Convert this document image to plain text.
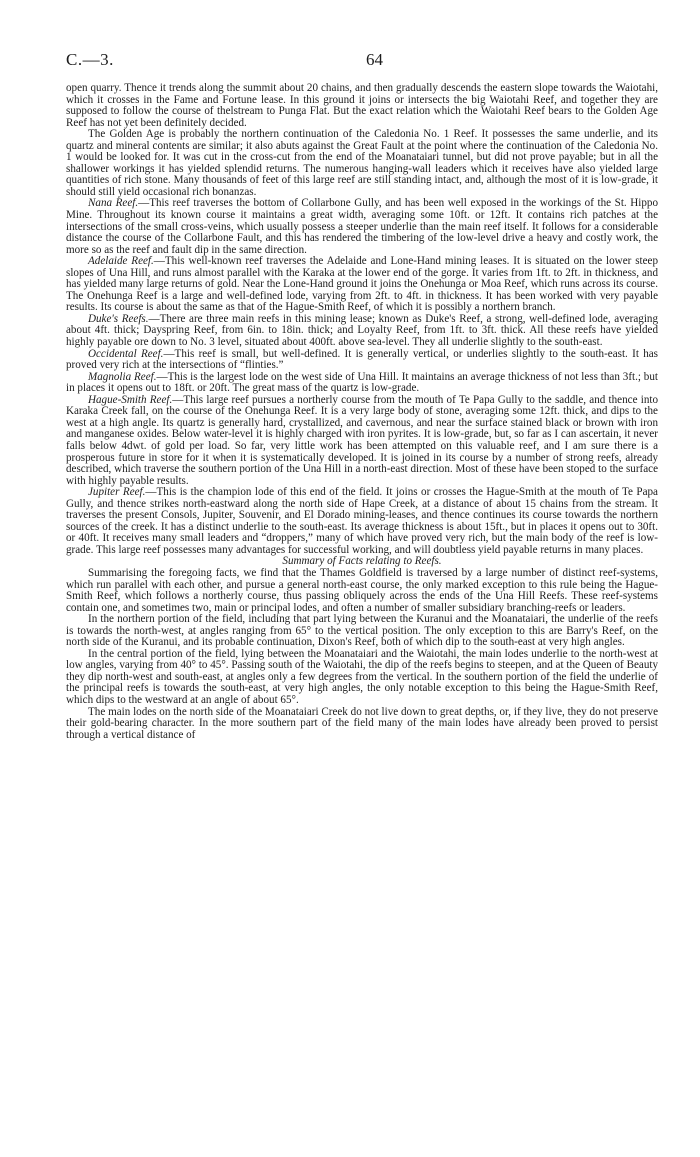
C.—3.	64

open quarry. Thence it trends along the summit about 20 chains, and then gradually descends the eastern slope towards the Waiotahi, which it crosses in the Fame and Fortune lease. In this ground it joins or intersects the big Waiotahi Reef, and together they are supposed to follow the course of thelstream to Punga Flat. But the exact relation which the Waiotahi Reef bears to the Golden Age Reef has not yet been definitely decided.

The Golden Age is probably the northern continuation of the Caledonia No. 1 Reef. It possesses the same underlie, and its quartz and mineral contents are similar; it also abuts against the Great Fault at the point where the continuation of the Caledonia No. 1 would be looked for. It was cut in the cross-cut from the end of the Moanataiari tunnel, but did not prove payable; but in all the shallower workings it has yielded splendid returns. The numerous hanging-wall leaders which it receives have also yielded large quantities of rich stone. Many thousands of feet of this large reef are still standing intact, and, although the most of it is low-grade, it should still yield occasional rich bonanzas.

Nana Reef.—This reef traverses the bottom of Collarbone Gully, and has been well exposed in the workings of the St. Hippo Mine. Throughout its known course it maintains a great width, averaging some 10ft. or 12ft. It contains rich patches at the intersections of the small cross-veins, which usually possess a steeper underlie than the main reef itself. It follows for a considerable distance the course of the Collarbone Fault, and this has rendered the timbering of the low-level drive a heavy and costly work, the more so as the reef and fault dip in the same direction.

Adelaide Reef.—This well-known reef traverses the Adelaide and Lone-Hand mining leases. It is situated on the lower steep slopes of Una Hill, and runs almost parallel with the Karaka at the lower end of the gorge. It varies from 1ft. to 2ft. in thickness, and has yielded many large returns of gold. Near the Lone-Hand ground it joins the Onehunga or Moa Reef, which runs across its course. The Onehunga Reef is a large and well-defined lode, varying from 2ft. to 4ft. in thickness. It has been worked with very payable results. Its course is about the same as that of the Hague-Smith Reef, of which it is possibly a northern branch.

Duke's Reefs.—There are three main reefs in this mining lease; known as Duke's Reef, a strong, well-defined lode, averaging about 4ft. thick; Dayspring Reef, from 6in. to 18in. thick; and Loyalty Reef, from 1ft. to 3ft. thick. All these reefs have yielded highly payable ore down to No. 3 level, situated about 400ft. above sea-level. They all underlie slightly to the south-east.

Occidental Reef.—This reef is small, but well-defined. It is generally vertical, or underlies slightly to the south-east. It has proved very rich at the intersections of “flinties.”

Magnolia Reef.—This is the largest lode on the west side of Una Hill. It maintains an average thickness of not less than 3ft.; but in places it opens out to 18ft. or 20ft. The great mass of the quartz is low-grade.

Hague-Smith Reef.—This large reef pursues a northerly course from the mouth of Te Papa Gully to the saddle, and thence into Karaka Creek fall, on the course of the Onehunga Reef. It is a very large body of stone, averaging some 12ft. thick, and dips to the west at a high angle. Its quartz is generally hard, crystallized, and cavernous, and near the surface stained black or brown with iron and manganese oxides. Below water-level it is highly charged with iron pyrites. It is low-grade, but, so far as I can ascertain, it never falls below 4dwt. of gold per load. So far, very little work has been attempted on this valuable reef, and I am sure there is a prosperous future in store for it when it is systematically developed. It is joined in its course by a number of strong reefs, already described, which traverse the southern portion of the Una Hill in a north-east direction. Most of these have been stoped to the surface with highly payable results.

Jupiter Reef.—This is the champion lode of this end of the field. It joins or crosses the Hague-Smith at the mouth of Te Papa Gully, and thence strikes north-eastward along the north side of Hape Creek, at a distance of about 15 chains from the stream. It traverses the present Consols, Jupiter, Souvenir, and El Dorado mining-leases, and thence continues its course towards the northern sources of the creek. It has a distinct underlie to the south-east. Its average thickness is about 15ft., but in places it opens out to 30ft. or 40ft. It receives many small leaders and “droppers,” many of which have proved very rich, but the main body of the reef is low-grade. This large reef possesses many advantages for successful working, and will doubtless yield payable returns in many places.

Summary of Facts relating to Reefs.

Summarising the foregoing facts, we find that the Thames Goldfield is traversed by a large number of distinct reef-systems, which run parallel with each other, and pursue a general north-east course, the only marked exception to this rule being the Hague-Smith Reef, which follows a northerly course, thus passing obliquely across the ends of the Una Hill Reefs. These reef-systems contain one, and sometimes two, main or principal lodes, and often a number of smaller subsidiary branching-reefs or leaders.

In the northern portion of the field, including that part lying between the Kuranui and the Moanataiari, the underlie of the reefs is towards the north-west, at angles ranging from 65° to the vertical position. The only exception to this are Barry's Reef, on the north side of the Kuranui, and its probable continuation, Dixon's Reef, both of which dip to the south-east at very high angles.

In the central portion of the field, lying between the Moanataiari and the Waiotahi, the main lodes underlie to the north-west at low angles, varying from 40° to 45°. Passing south of the Waiotahi, the dip of the reefs begins to steepen, and at the Queen of Beauty they dip north-west and south-east, at angles only a few degrees from the vertical. In the southern portion of the field the underlie of the principal reefs is towards the south-east, at very high angles, the only notable exception to this being the Hague-Smith Reef, which dips to the westward at an angle of about 65°.

The main lodes on the north side of the Moanataiari Creek do not live down to great depths, or, if they live, they do not preserve their gold-bearing character. In the more southern part of the field many of the main lodes have already been proved to persist through a vertical distance of
